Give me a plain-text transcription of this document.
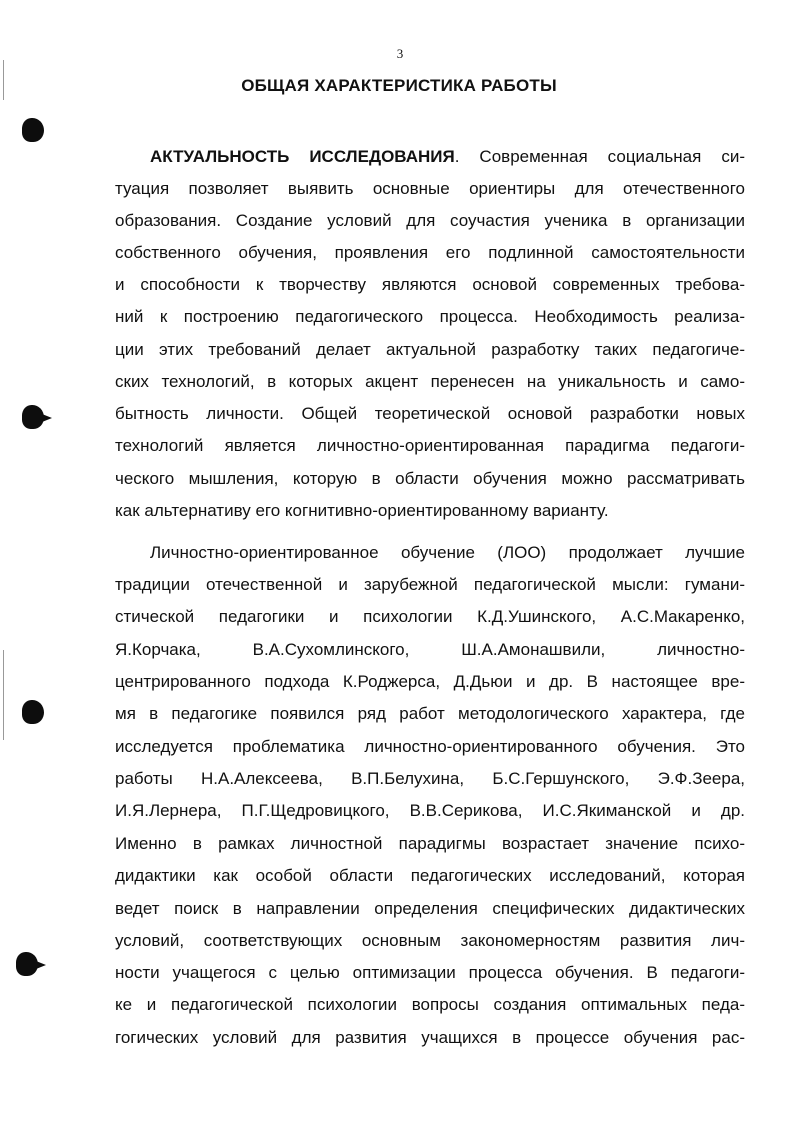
3
ОБЩАЯ ХАРАКТЕРИСТИКА РАБОТЫ
АКТУАЛЬНОСТЬ ИССЛЕДОВАНИЯ. Современная социальная си-
туация позволяет выявить основные ориентиры для отечественного
образования. Создание условий для соучастия ученика в организации
собственного обучения, проявления его подлинной самостоятельности
и способности к творчеству являются основой современных требова-
ний к построению педагогического процесса. Необходимость реализа-
ции этих требований делает актуальной разработку таких педагогиче-
ских технологий, в которых акцент перенесен на уникальность и само-
бытность личности. Общей теоретической основой разработки новых
технологий является личностно-ориентированная парадигма педагоги-
ческого мышления, которую в области обучения можно рассматривать
как альтернативу его когнитивно-ориентированному варианту.
Личностно-ориентированное обучение (ЛОО) продолжает лучшие
традиции отечественной и зарубежной педагогической мысли: гумани-
стической педагогики и психологии К.Д.Ушинского, А.С.Макаренко,
Я.Корчака, В.А.Сухомлинского, Ш.А.Амонашвили, личностно-
центрированного подхода К.Роджерса, Д.Дьюи и др. В настоящее вре-
мя в педагогике появился ряд работ методологического характера, где
исследуется проблематика личностно-ориентированного обучения. Это
работы Н.А.Алексеева, В.П.Белухина, Б.С.Гершунского, Э.Ф.Зеера,
И.Я.Лернера, П.Г.Щедровицкого, В.В.Серикова, И.С.Якиманской и др.
Именно в рамках личностной парадигмы возрастает значение психо-
дидактики как особой области педагогических исследований, которая
ведет поиск в направлении определения специфических дидактических
условий, соответствующих основным закономерностям развития лич-
ности учащегося с целью оптимизации процесса обучения. В педагоги-
ке и педагогической психологии вопросы создания оптимальных педа-
гогических условий для развития учащихся в процессе обучения рас-
